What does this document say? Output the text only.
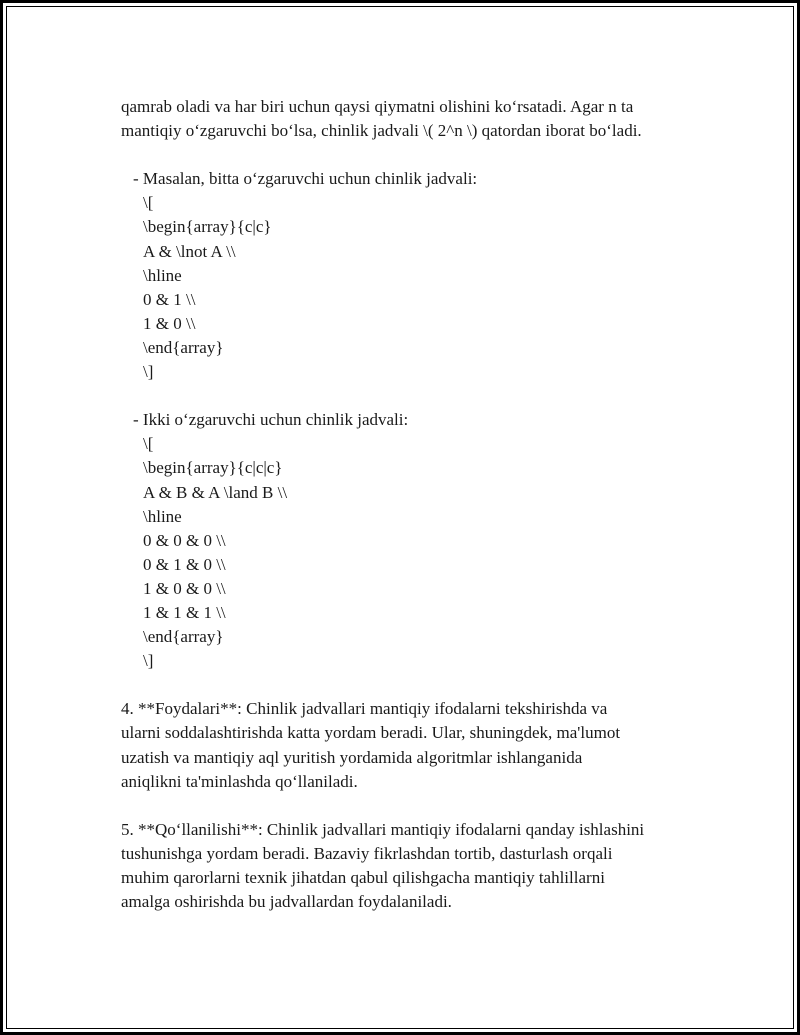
qamrab oladi va har biri uchun qaysi qiymatni olishini ko‘rsatadi. Agar n ta
mantiqiy o‘zgaruvchi bo‘lsa, chinlik jadvali \( 2^n \) qatordan iborat bo‘ladi.
- Masalan, bitta o‘zgaruvchi uchun chinlik jadvali:
\[
\begin{array}{c|c}
A & \lnot A \\
\hline
0 & 1 \\
1 & 0 \\
\end{array}
\]
- Ikki o‘zgaruvchi uchun chinlik jadvali:
\[
\begin{array}{c|c|c}
A & B & A \land B \\
\hline
0 & 0 & 0 \\
0 & 1 & 0 \\
1 & 0 & 0 \\
1 & 1 & 1 \\
\end{array}
\]
4. **Foydalari**: Chinlik jadvallari mantiqiy ifodalarni tekshirishda va
ularni soddalashtirishda katta yordam beradi. Ular, shuningdek, ma'lumot
uzatish va mantiqiy aql yuritish yordamida algoritmlar ishlanganida
aniqlikni ta'minlashda qo‘llaniladi.
5. **Qo‘llanilishi**: Chinlik jadvallari mantiqiy ifodalarni qanday ishlashini
tushunishga yordam beradi. Bazaviy fikrlashdan tortib, dasturlash orqali
muhim qarorlarni texnik jihatdan qabul qilishgacha mantiqiy tahlillarni
amalga oshirishda bu jadvallardan foydalaniladi.
